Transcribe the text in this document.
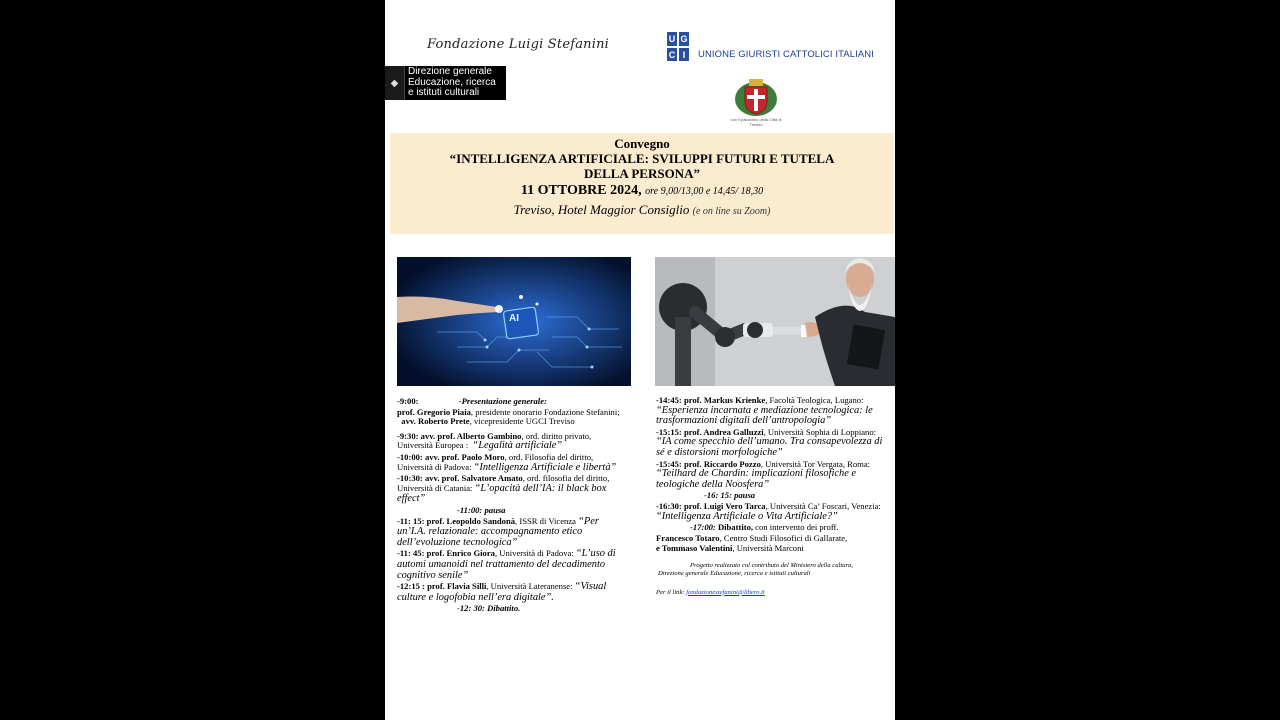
Fondazione Luigi Stefanini
◆
Direzione generale
Educazione, ricerca
e istituti culturali
U G
C I	UNIONE GIURISTI CATTOLICI ITALIANI
con il patrocinio della Città di Treviso
Convegno
“INTELLIGENZA ARTIFICIALE: SVILUPPI FUTURI E TUTELA
DELLA PERSONA”
11 OTTOBRE 2024, ore 9,00/13,00 e 14,45/ 18,30
Treviso, Hotel Maggior Consiglio (e on line su Zoom)
AI

-9:00:	-Presentazione generale:

prof. Gregorio Piaia, presidente onorario Fondazione Stefanini;   avv. Roberto Prete, vicepresidente UGCI Treviso

-9:30: avv. prof. Alberto Gambino, ord. diritto privato, Università Europea : “Legalità artificiale”

-10:00: avv. prof. Paolo Moro, ord. Filosofia del diritto, Università di Padova: “Intelligenza Artificiale e libertà”

-10:30: avv. prof. Salvatore Amato, ord. filosofia del diritto, Università di Catania: “L’opacità dell’IA: il black box effect”

-11:00: pausa

-11: 15: prof. Leopoldo Sandonà, ISSR di Vicenza “Per un’I.A. relazionale: accompagnamento etico dell’evoluzione tecnologica”

-11: 45: prof. Enrico Giora, Università di Padova: “L’uso di automi umanoidi nel trattamento del decadimento cognitivo senile”

-12:15 : prof. Flavia Silli, Università Lateranense: “Visual culture e logofobia nell’era digitale”.

-12: 30: Dibattito.

-14:45: prof. Markus Krienke, Facoltà Teologica, Lugano: “Esperienza incarnata e mediazione tecnologica: le trasformazioni digitali dell’antropologia”

-15:15: prof. Andrea Galluzzi, Università Sophia di Loppiano: “IA come specchio dell’umano. Tra consapevolezza di sé e distorsioni morfologiche”

-15:45: prof. Riccardo Pozzo, Università Tor Vergata, Roma: “Teilhard de Chardin: implicazioni filosofiche e teologiche della Noosfera”

-16: 15: pausa

-16:30: prof. Luigi Vero Tarca, Università Ca’ Foscari, Venezia: “Intelligenza Artificiale o Vita Artificiale?”

-17:00: Dibattito, con intervento dei proff.

Francesco Totaro, Centro Studi Filosofici di Gallarate,

e Tommaso Valentini, Università Marconi

Progetto realizzato col contributo del Ministero della cultura,
Direzione generale Educazione, ricerca e istituti culturali
Per il link: fondazionestefanini@libero.it
